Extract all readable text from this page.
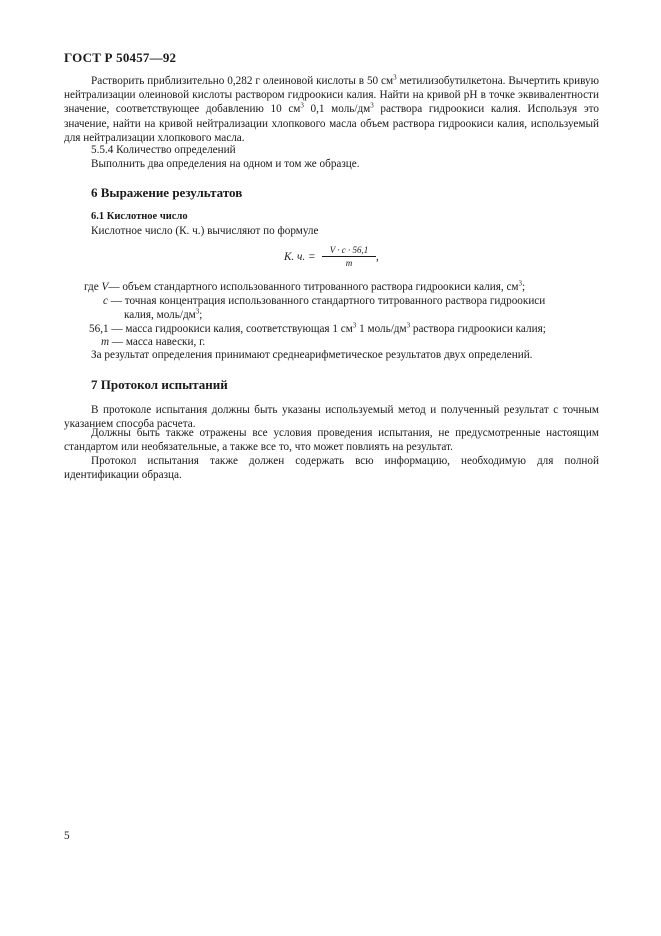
ГОСТ Р 50457—92

Растворить приблизительно 0,282 г олеиновой кислоты в 50 $см^3$ метилизобутилкетона. Вычертить кривую нейтрализации олеиновой кислоты раствором гидроокиси калия. Найти на кривой рН в точке эквивалентности значение, соответствующее добавлению 10 $см^3$ 0,1 моль/$дм^3$ раствора гидроокиси калия. Используя это значение, найти на кривой нейтрализации хлопкового масла объем раствора гидроокиси калия, используемый для нейтрализации хлопкового масла.

5.5.4 Количество определений

Выполнить два определения на одном и том же образце.

6 Выражение результатов
6.1 Кислотное число

Кислотное число (К. ч.) вычисляют по формуле

К. ч. = $\frac{V \cdot c \cdot 56,1}{m}$ ,

где V— объем стандартного использованного титрованного раствора гидроокиси калия, $см^3$;

c — точная концентрация использованного стандартного титрованного раствора гидроокиси

калия, моль/$дм^3$;

56,1 — масса гидроокиси калия, соответствующая 1 $см^3$ 1 моль/$дм^3$ раствора гидроокиси калия;

m — масса навески, г.

За результат определения принимают среднеарифметическое результатов двух определений.

7 Протокол испытаний

В протоколе испытания должны быть указаны используемый метод и полученный результат с точным указанием способа расчета.

Должны быть также отражены все условия проведения испытания, не предусмотренные настоящим стандартом или необязательные, а также все то, что может повлиять на результат.

Протокол испытания также должен содержать всю информацию, необходимую для полной идентификации образца.

5
